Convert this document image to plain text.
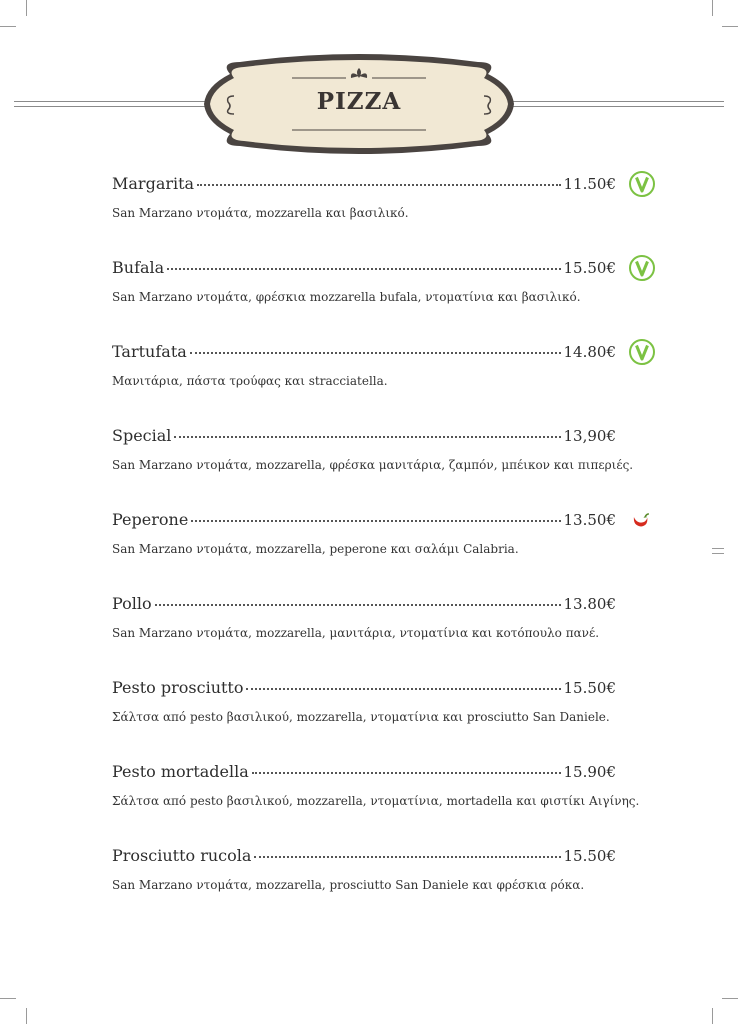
PIZZA
Margarita	11.50€
San Marzano ντομάτα, mozzarella και βασιλικό.
Bufala	15.50€
San Marzano ντομάτα, φρέσκια mozzarella bufala, ντοματίνια και βασιλικό.
Tartufata	14.80€
Μανιτάρια, πάστα τρούφας και stracciatella.
Special	13,90€
San Marzano ντομάτα, mozzarella, φρέσκα μανιτάρια, ζαμπόν, μπέικον και πιπεριές.
Peperone	13.50€
San Marzano ντομάτα, mozzarella, peperone και σαλάμι Calabria.
Pollo	13.80€
San Marzano ντομάτα, mozzarella, μανιτάρια, ντοματίνια και κοτόπουλο πανέ.
Pesto prosciutto	15.50€
Σάλτσα από pesto βασιλικού, mozzarella, ντοματίνια και prosciutto San Daniele.
Pesto mortadella	15.90€
Σάλτσα από pesto βασιλικού, mozzarella, ντοματίνια, mortadella και φιστίκι Αιγίνης.
Prosciutto rucola	15.50€
San Marzano ντομάτα, mozzarella, prosciutto San Daniele και φρέσκια ρόκα.
